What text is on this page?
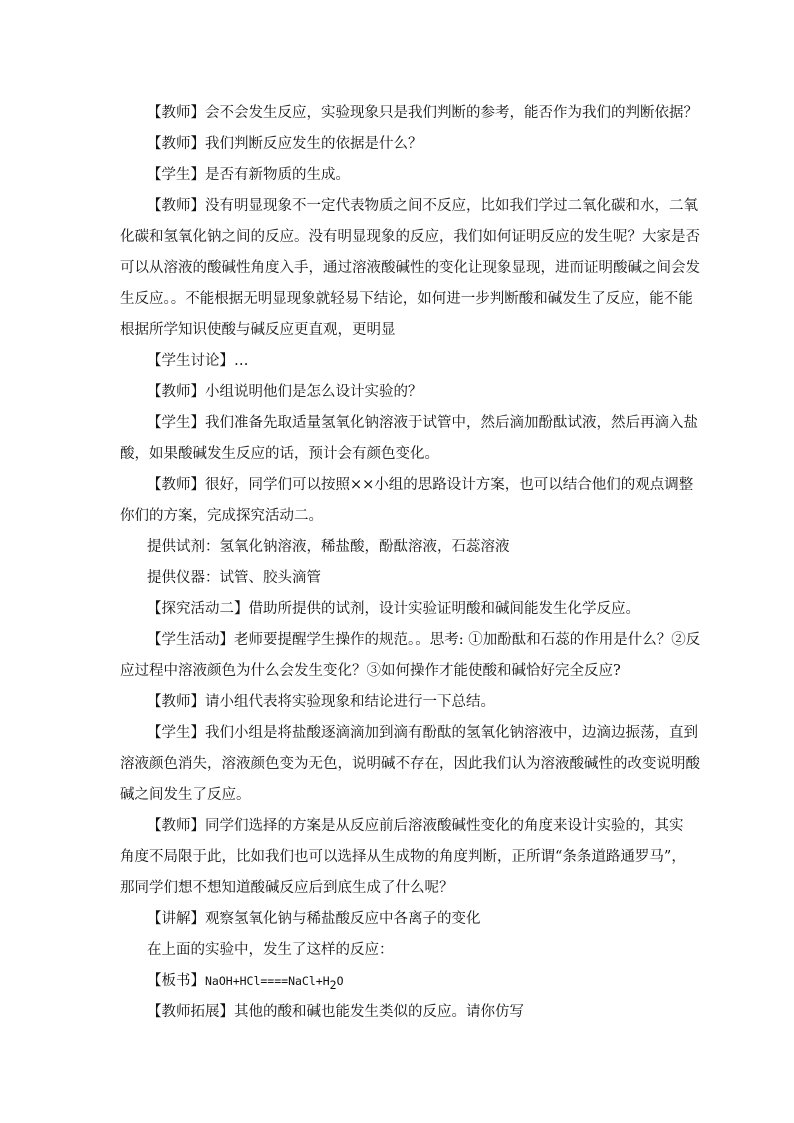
【教师】会不会发生反应，实验现象只是我们判断的参考，能否作为我们的判断依据？
【教师】我们判断反应发生的依据是什么？
【学生】是否有新物质的生成。
【教师】没有明显现象不一定代表物质之间不反应，比如我们学过二氧化碳和水，二氧
化碳和氢氧化钠之间的反应。没有明显现象的反应，我们如何证明反应的发生呢？大家是否
可以从溶液的酸碱性角度入手，通过溶液酸碱性的变化让现象显现，进而证明酸碱之间会发
生反应。。不能根据无明显现象就轻易下结论，如何进一步判断酸和碱发生了反应，能不能
根据所学知识使酸与碱反应更直观，更明显
【学生讨论】…
【教师】小组说明他们是怎么设计实验的？
【学生】我们准备先取适量氢氧化钠溶液于试管中，然后滴加酚酞试液，然后再滴入盐
酸，如果酸碱发生反应的话，预计会有颜色变化。
【教师】很好，同学们可以按照××小组的思路设计方案，也可以结合他们的观点调整
你们的方案，完成探究活动二。
提供试剂：氢氧化钠溶液，稀盐酸，酚酞溶液，石蕊溶液
提供仪器：试管、胶头滴管
【探究活动二】借助所提供的试剂，设计实验证明酸和碱间能发生化学反应。
【学生活动】老师要提醒学生操作的规范。。思考: ①加酚酞和石蕊的作用是什么？②反
应过程中溶液颜色为什么会发生变化？③如何操作才能使酸和碱恰好完全反应?
【教师】请小组代表将实验现象和结论进行一下总结。
【学生】我们小组是将盐酸逐滴滴加到滴有酚酞的氢氧化钠溶液中，边滴边振荡，直到
溶液颜色消失，溶液颜色变为无色，说明碱不存在，因此我们认为溶液酸碱性的改变说明酸
碱之间发生了反应。
【教师】同学们选择的方案是从反应前后溶液酸碱性变化的角度来设计实验的，其实
角度不局限于此，比如我们也可以选择从生成物的角度判断，正所谓“条条道路通罗马”，
那同学们想不想知道酸碱反应后到底生成了什么呢？
【讲解】观察氢氧化钠与稀盐酸反应中各离子的变化
在上面的实验中，发生了这样的反应：
【板书】$NaOH+HCl====NaCl+H_2O$
【教师拓展】其他的酸和碱也能发生类似的反应。请你仿写
